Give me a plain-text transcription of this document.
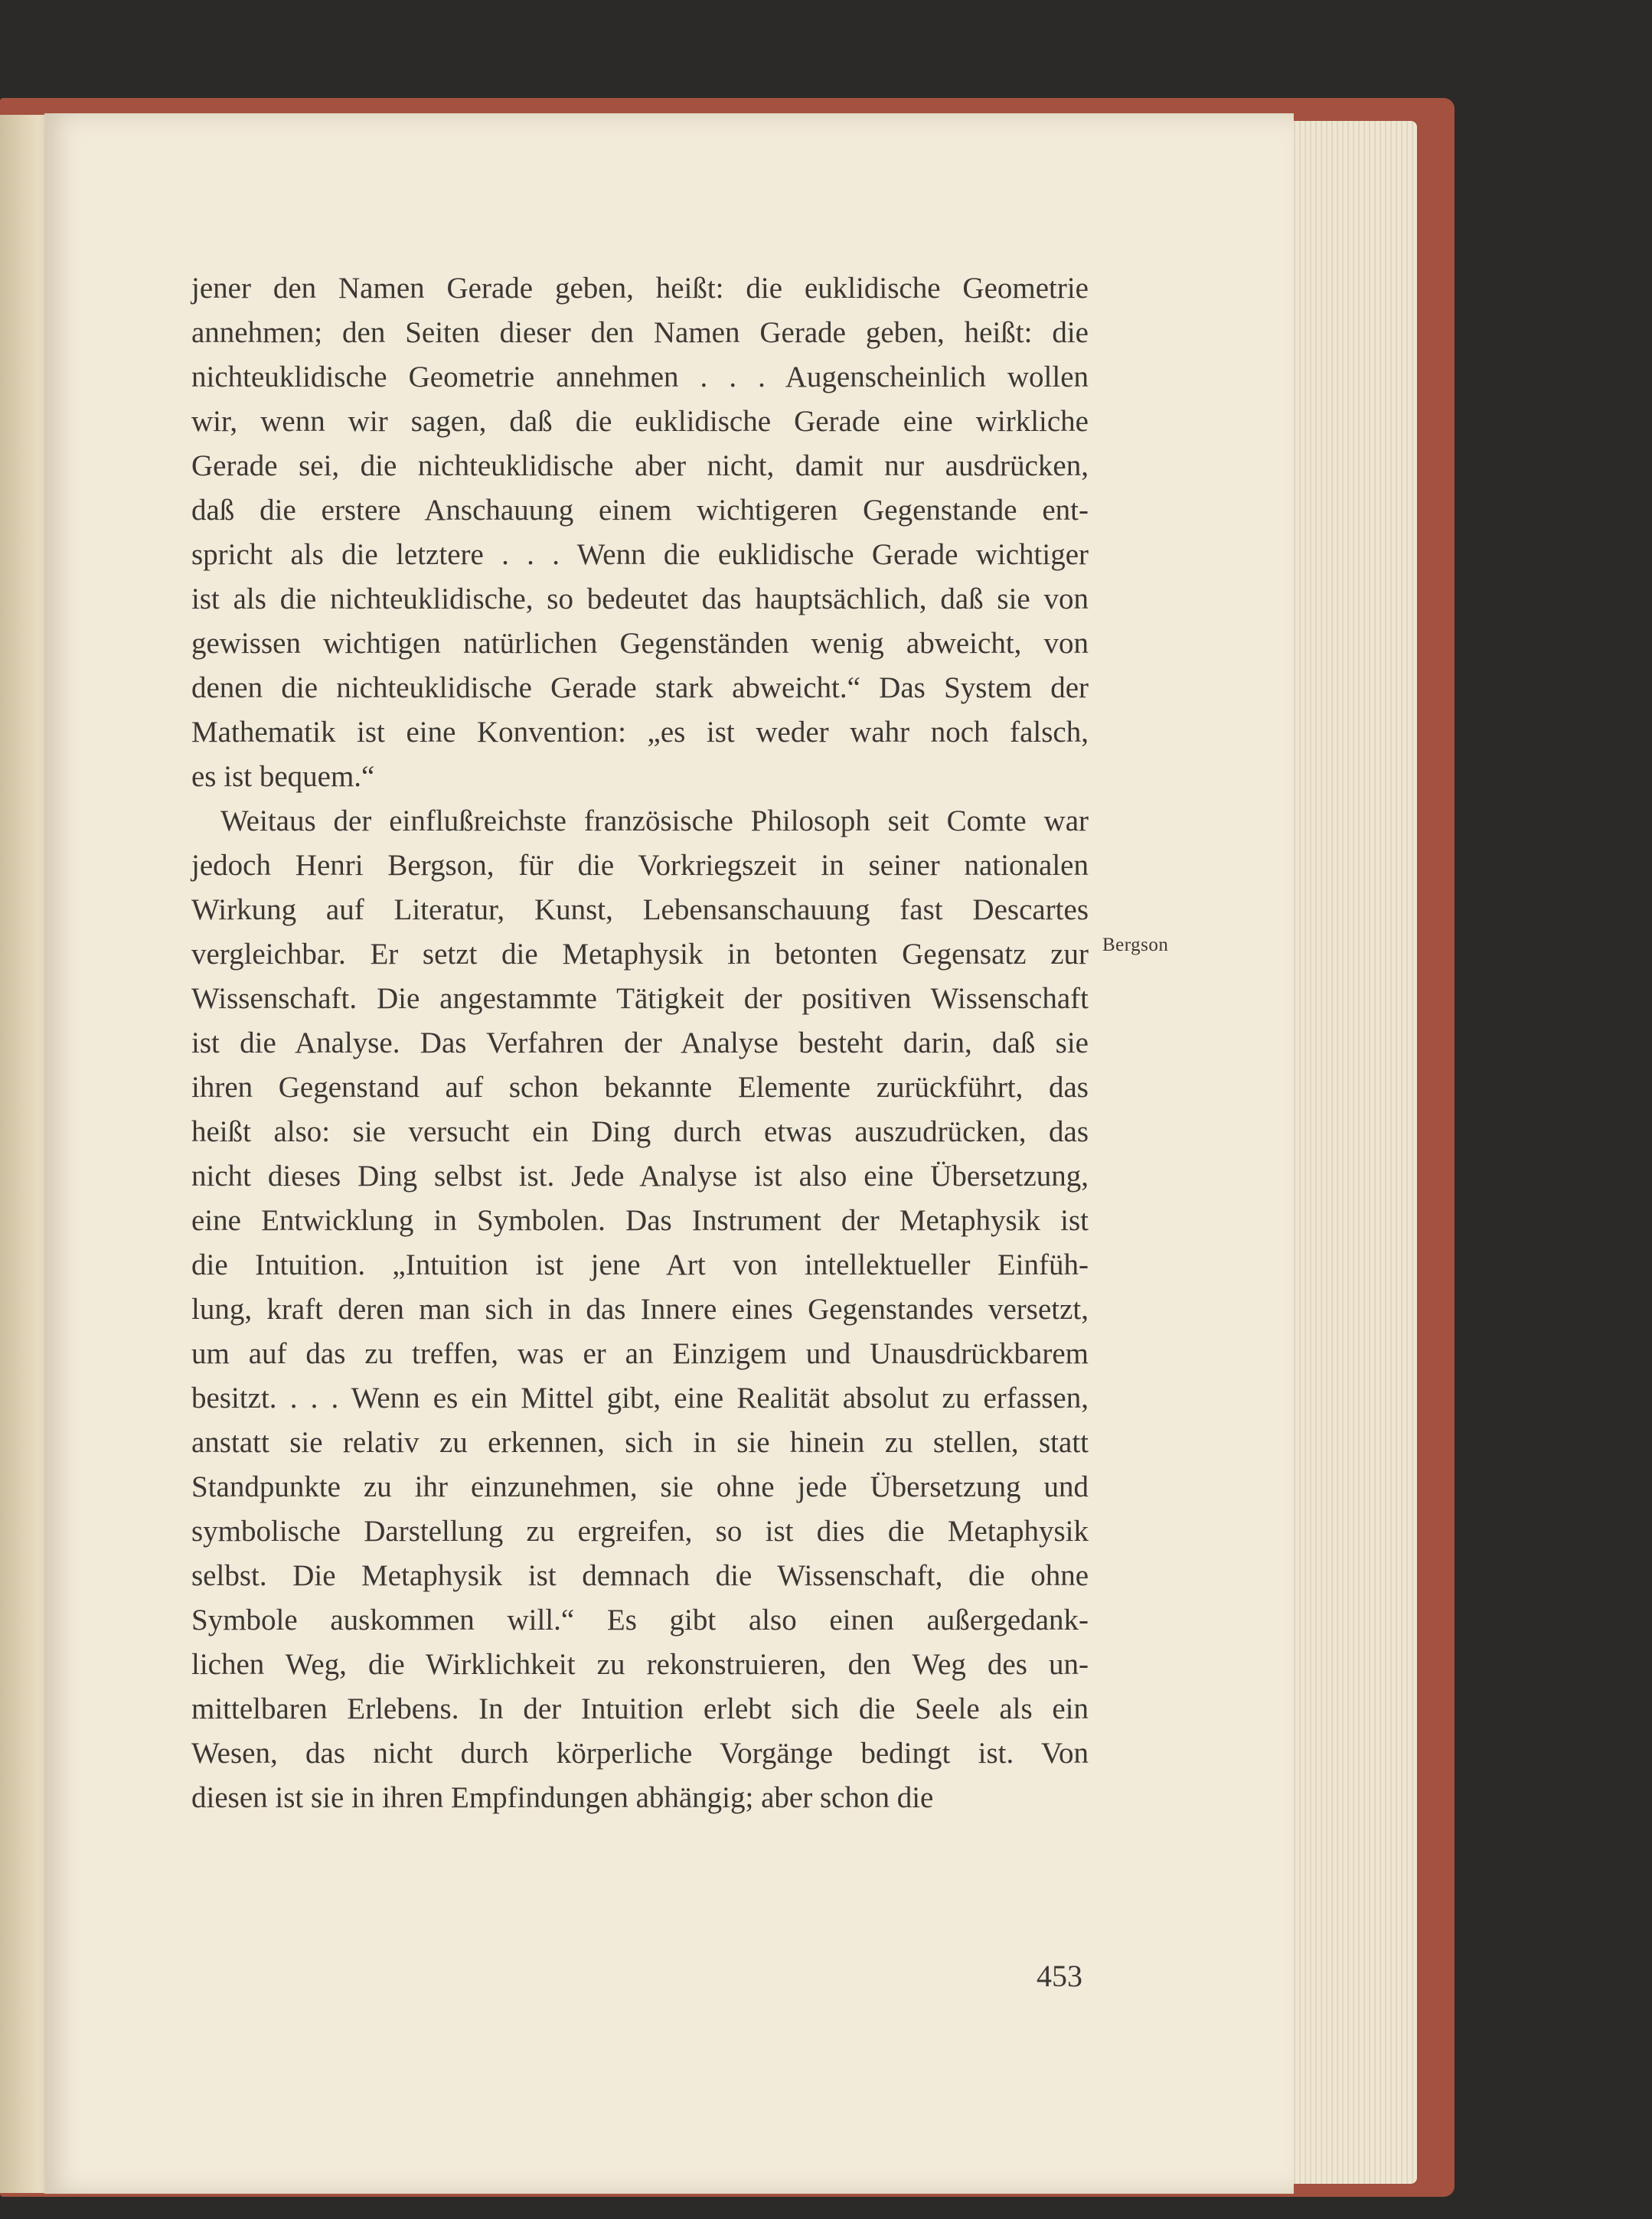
jener den Namen Gerade geben, heißt: die euklidische Geometrie
annehmen; den Seiten dieser den Namen Gerade geben, heißt: die
nichteuklidische Geometrie annehmen . . . Augenscheinlich wollen
wir, wenn wir sagen, daß die euklidische Gerade eine wirkliche
Gerade sei, die nichteuklidische aber nicht, damit nur ausdrücken,
daß die erstere Anschauung einem wichtigeren Gegenstande ent-
spricht als die letztere . . . Wenn die euklidische Gerade wichtiger
ist als die nichteuklidische, so bedeutet das hauptsächlich, daß sie von
gewissen wichtigen natürlichen Gegenständen wenig abweicht, von
denen die nichteuklidische Gerade stark abweicht.“ Das System der
Mathematik ist eine Konvention: „es ist weder wahr noch falsch,
es ist bequem.“
Weitaus der einflußreichste französische Philosoph seit Comte war
jedoch Henri Bergson, für die Vorkriegszeit in seiner nationalen
Wirkung auf Literatur, Kunst, Lebensanschauung fast Descartes
vergleichbar. Er setzt die Metaphysik in betonten Gegensatz zur
Wissenschaft. Die angestammte Tätigkeit der positiven Wissenschaft
ist die Analyse. Das Verfahren der Analyse besteht darin, daß sie
ihren Gegenstand auf schon bekannte Elemente zurückführt, das
heißt also: sie versucht ein Ding durch etwas auszudrücken, das
nicht dieses Ding selbst ist. Jede Analyse ist also eine Übersetzung,
eine Entwicklung in Symbolen. Das Instrument der Metaphysik ist
die Intuition. „Intuition ist jene Art von intellektueller Einfüh-
lung, kraft deren man sich in das Innere eines Gegenstandes versetzt,
um auf das zu treffen, was er an Einzigem und Unausdrückbarem
besitzt. . . . Wenn es ein Mittel gibt, eine Realität absolut zu erfassen,
anstatt sie relativ zu erkennen, sich in sie hinein zu stellen, statt
Standpunkte zu ihr einzunehmen, sie ohne jede Übersetzung und
symbolische Darstellung zu ergreifen, so ist dies die Metaphysik
selbst. Die Metaphysik ist demnach die Wissenschaft, die ohne
Symbole auskommen will.“ Es gibt also einen außergedank-
lichen Weg, die Wirklichkeit zu rekonstruieren, den Weg des un-
mittelbaren Erlebens. In der Intuition erlebt sich die Seele als ein
Wesen, das nicht durch körperliche Vorgänge bedingt ist. Von
diesen ist sie in ihren Empfindungen abhängig; aber schon die
Bergson
453
